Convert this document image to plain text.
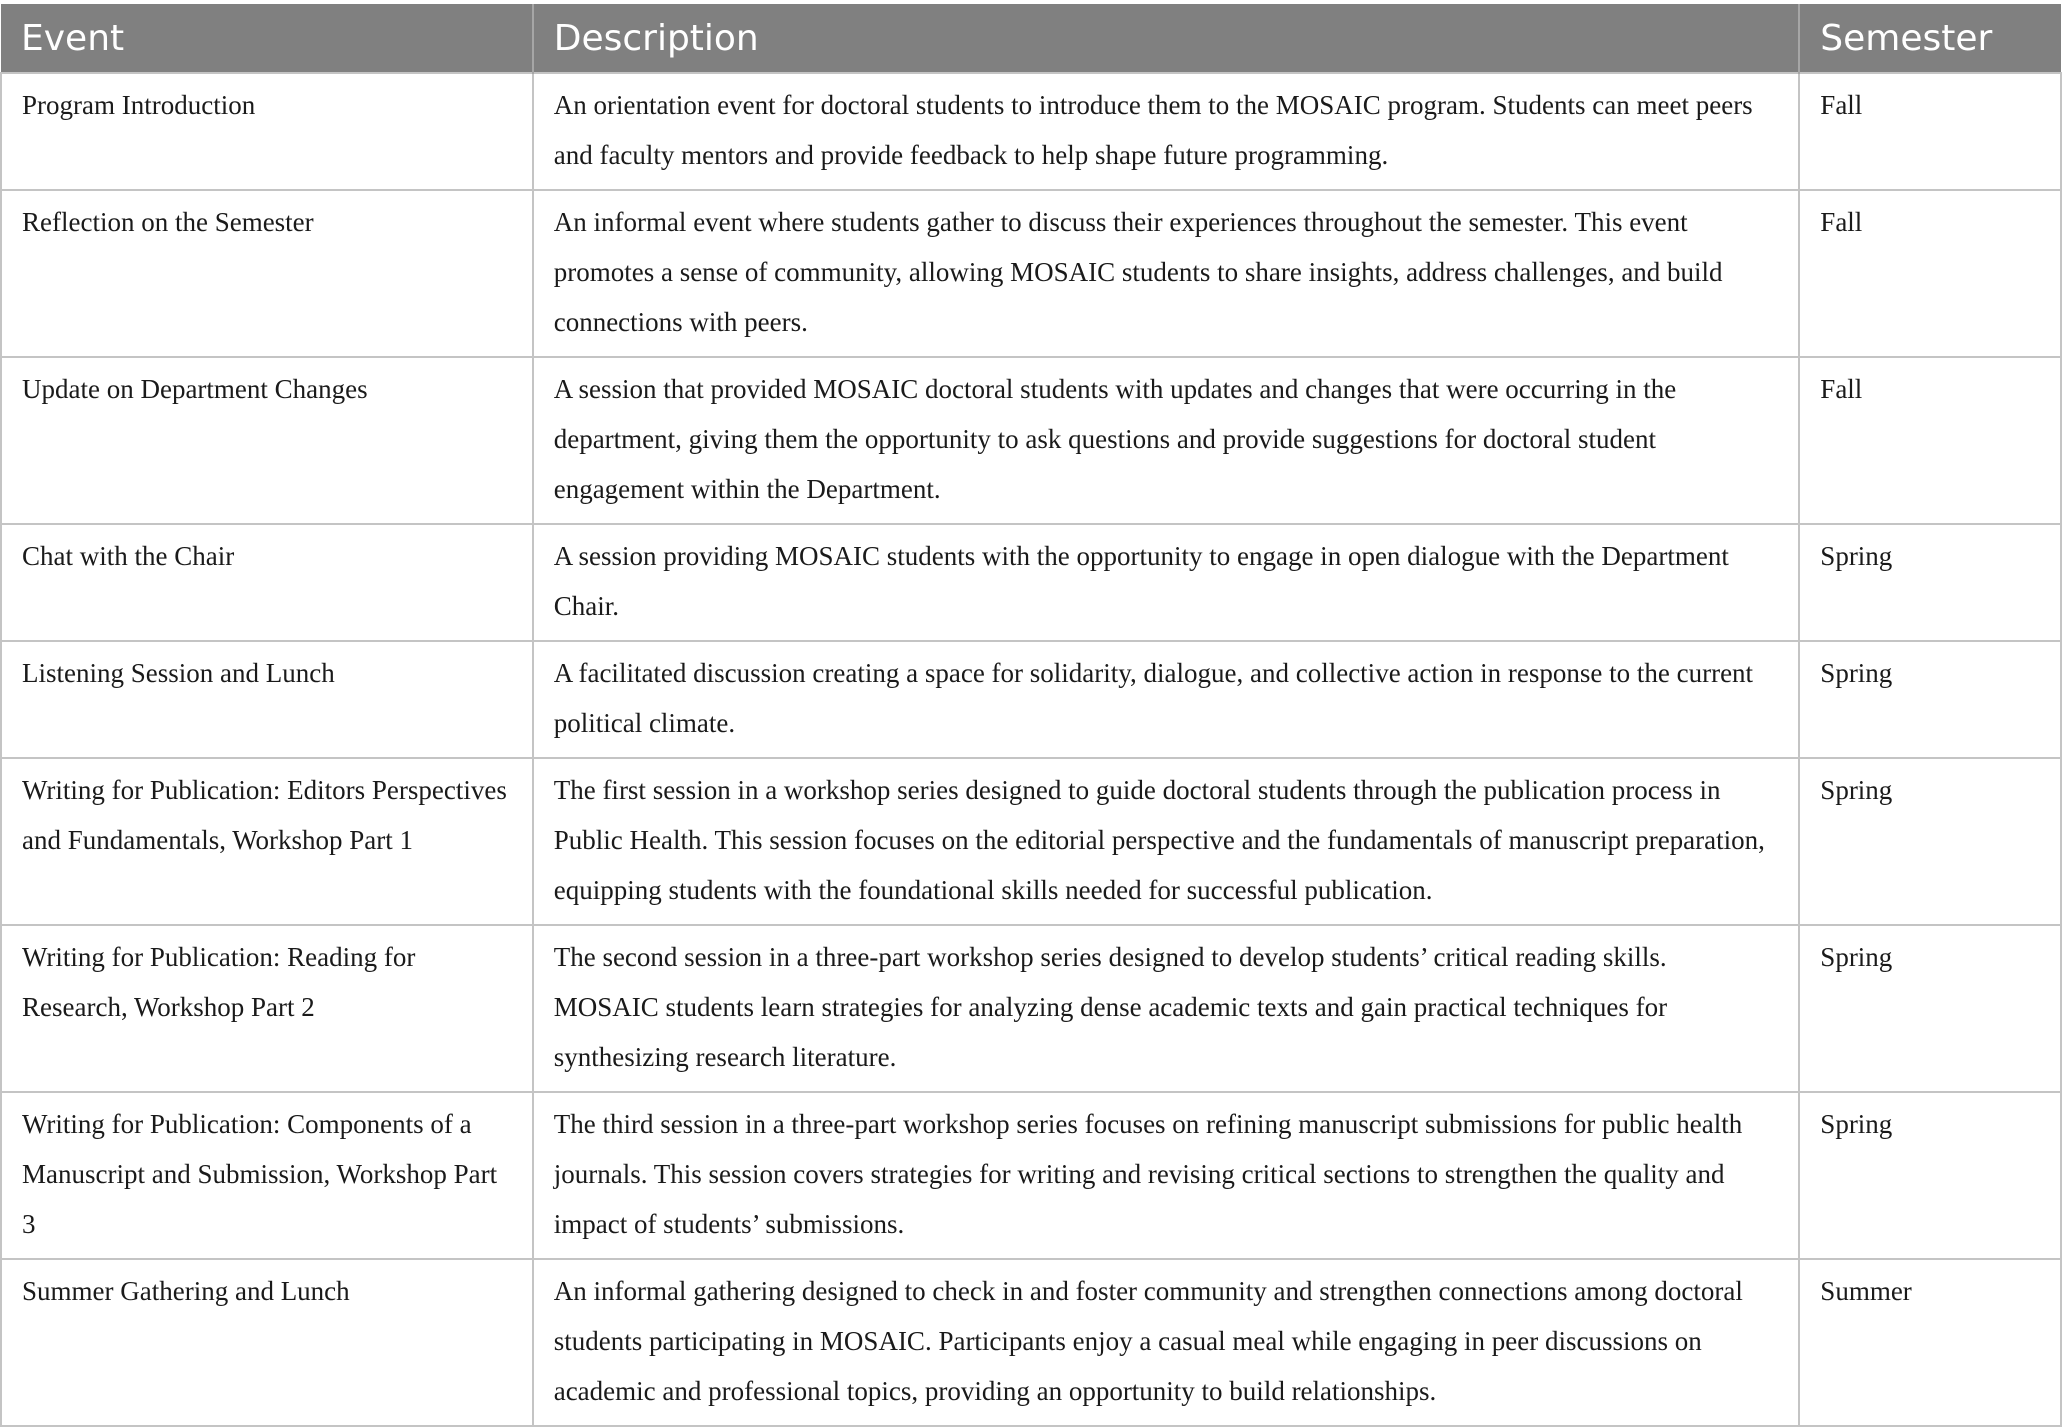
Event	Description	Semester
Program Introduction	An orientation event for doctoral students to introduce them to the MOSAIC program. Students can meet peers and faculty mentors and provide feedback to help shape future programming.	Fall
Reflection on the Semester	An informal event where students gather to discuss their experiences throughout the semester. This event promotes a sense of community, allowing MOSAIC students to share insights, address challenges, and build connections with peers.	Fall
Update on Department Changes	A session that provided MOSAIC doctoral students with updates and changes that were occurring in the department, giving them the opportunity to ask questions and provide suggestions for doctoral student engagement within the Department.	Fall
Chat with the Chair	A session providing MOSAIC students with the opportunity to engage in open dialogue with the Department Chair.	Spring
Listening Session and Lunch	A facilitated discussion creating a space for solidarity, dialogue, and collective action in response to the current political climate.	Spring
Writing for Publication: Editors Perspectives and Fundamentals, Workshop Part 1	The first session in a workshop series designed to guide doctoral students through the publication process in Public Health. This session focuses on the editorial perspective and the fundamentals of manuscript preparation, equipping students with the foundational skills needed for successful publication.	Spring
Writing for Publication: Reading for Research, Workshop Part 2	The second session in a three-part workshop series designed to develop students’ critical reading skills. MOSAIC students learn strategies for analyzing dense academic texts and gain practical techniques for synthesizing research literature.	Spring
Writing for Publication: Components of a Manuscript and Submission, Workshop Part 3	The third session in a three-part workshop series focuses on refining manuscript submissions for public health journals. This session covers strategies for writing and revising critical sections to strengthen the quality and impact of students’ submissions.	Spring
Summer Gathering and Lunch	An informal gathering designed to check in and foster community and strengthen connections among doctoral students participating in MOSAIC. Participants enjoy a casual meal while engaging in peer discussions on academic and professional topics, providing an opportunity to build relationships.	Summer
